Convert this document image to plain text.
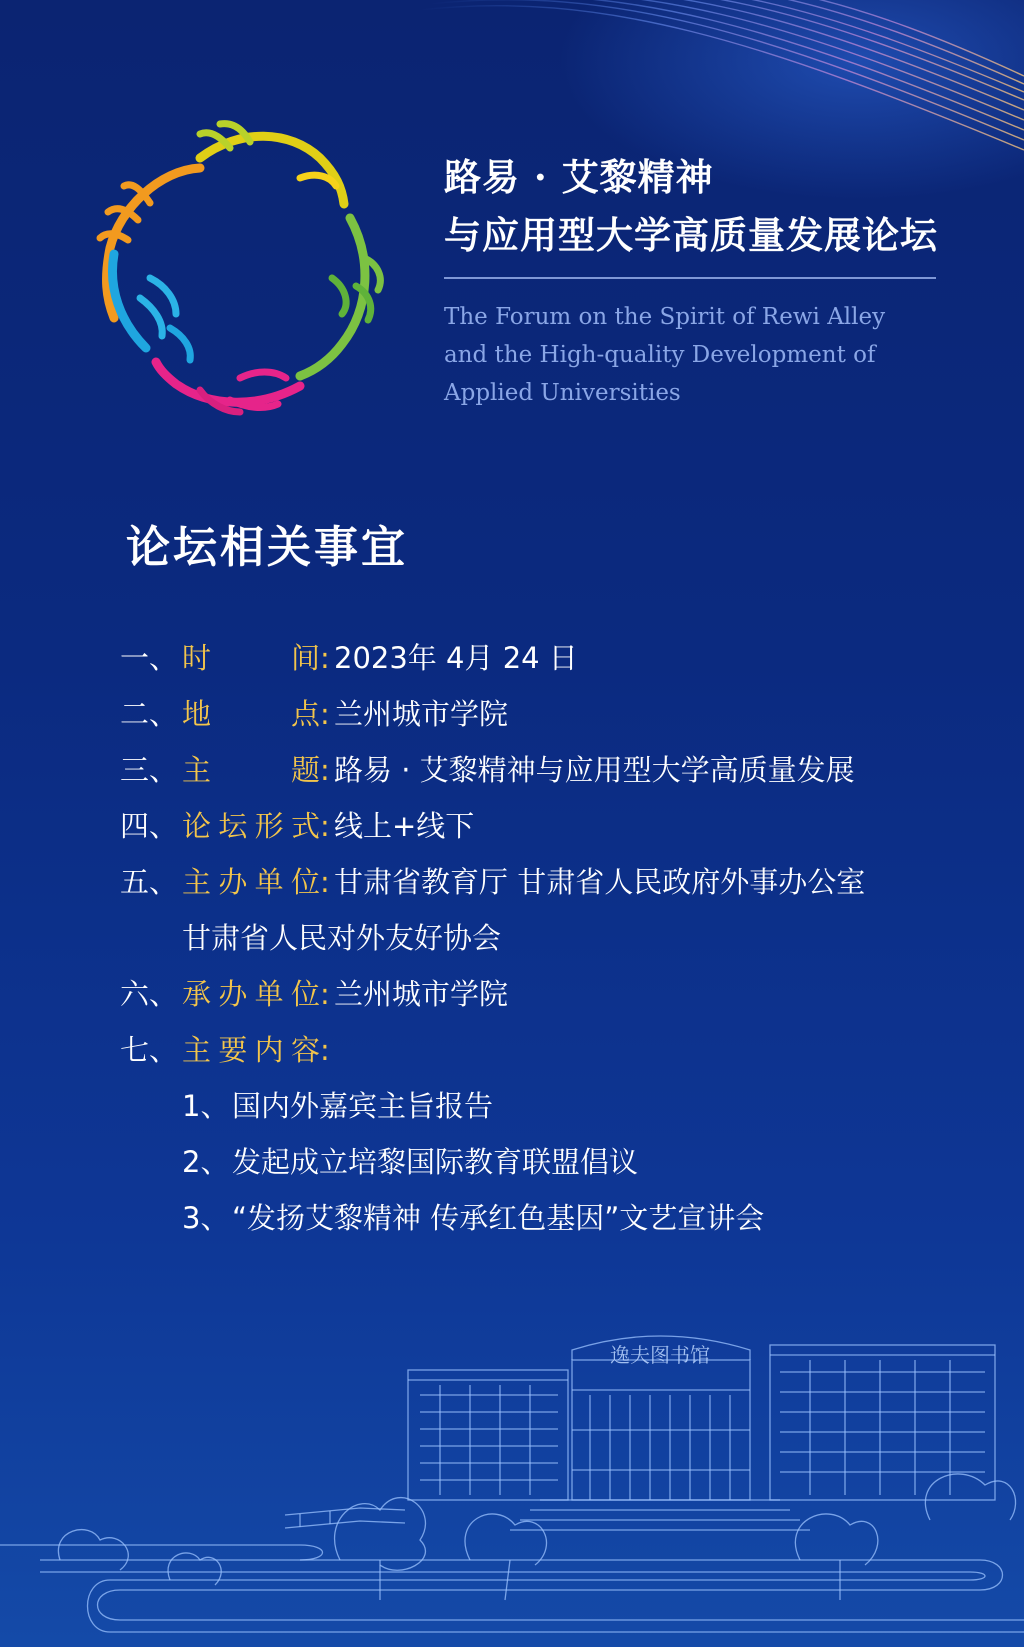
路易 · 艾黎精神
与应用型大学高质量发展论坛
The Forum on the Spirit of Rewi Alley
and the High-quality Development of
Applied Universities
论坛相关事宜
一、 时间 : 2023年 4月 24 日
二、 地点 : 兰州城市学院
三、 主题 : 路易 · 艾黎精神与应用型大学高质量发展
四、 论坛形式 : 线上+线下
五、 主办单位 : 甘肃省教育厅 甘肃省人民政府外事办公室
甘肃省人民对外友好协会
六、 承办单位 : 兰州城市学院
七、 主要内容 :
1、 国内外嘉宾主旨报告
2、 发起成立培黎国际教育联盟倡议
3、 “发扬艾黎精神 传承红色基因”文艺宣讲会
逸夫图书馆
